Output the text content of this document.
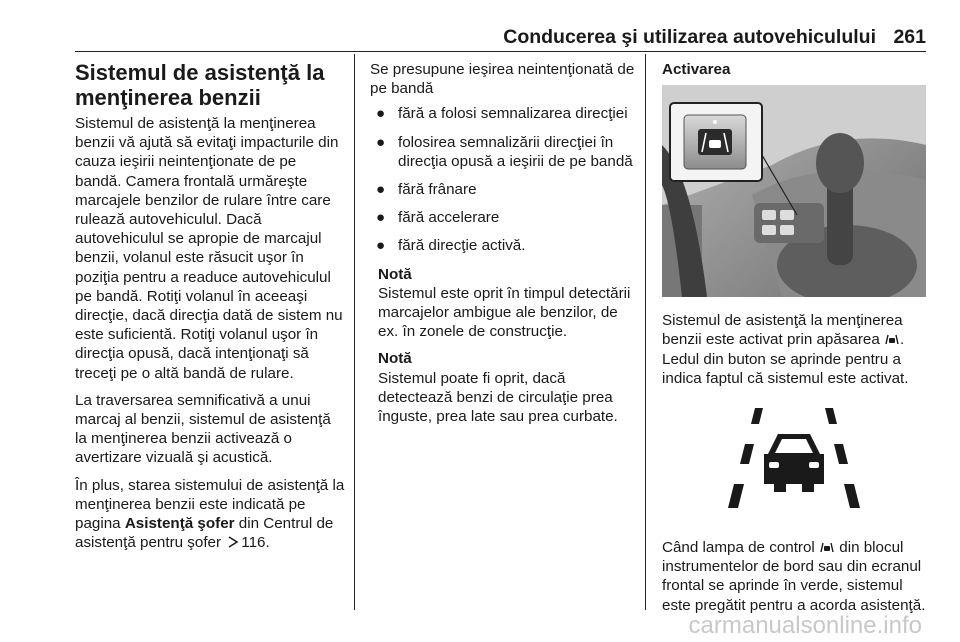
Conducerea şi utilizarea autovehiculului 261
Sistemul de asistenţă la
menţinerea benzii

Sistemul de asistenţă la menţinerea benzii vă ajută să evitaţi impacturile din cauza ieşirii neintenţionate de pe bandă. Camera frontală urmăreşte marcajele benzilor de rulare între care rulează autovehiculul. Dacă autovehiculul se apropie de marcajul benzii, volanul este răsucit uşor în poziţia pentru a readuce autovehiculul pe bandă. Rotiţi volanul în aceeaşi direcţie, dacă direcţia dată de sistem nu este suficientă. Rotiţi volanul uşor în direcţia opusă, dacă intenţionaţi să treceţi pe o altă bandă de rulare.

La traversarea semnificativă a unui marcaj al benzii, sistemul de asistenţă la menţinerea benzii activează o avertizare vizuală şi acustică.

În plus, starea sistemului de asistenţă la menţinerea benzii este indicată pe pagina Asistenţă şofer din Centrul de asistenţă pentru şofer 116.

Se presupune ieşirea neintenţionată de pe bandă

● fără a folosi semnalizarea direcţiei
● folosirea semnalizării direcţiei în direcţia opusă a ieşirii de pe bandă
● fără frânare
● fără accelerare
● fără direcţie activă.
Notă
Sistemul este oprit în timpul detectării marcajelor ambigue ale benzilor, de ex. în zonele de construcţie.
Notă
Sistemul poate fi oprit, dacă detectează benzi de circulaţie prea înguste, prea late sau prea curbate.
Activarea

Sistemul de asistenţă la menţinerea benzii este activat prin apăsarea . Ledul din buton se aprinde pentru a indica faptul că sistemul este activat.

Când lampa de control  din blocul instrumentelor de bord sau din ecranul frontal se aprinde în verde, sistemul este pregătit pentru a acorda asistenţă.

carmanualsonline.info
